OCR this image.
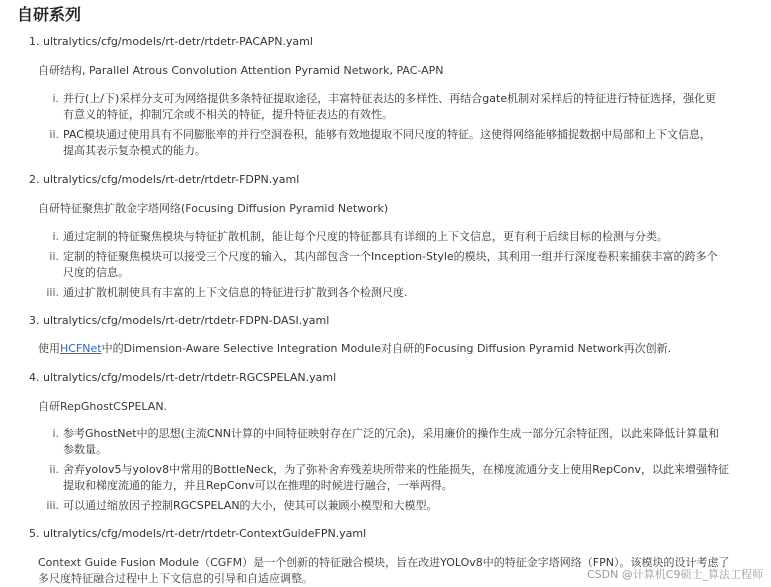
自研系列
1. ultralytics/cfg/models/rt-detr/rtdetr-PACAPN.yaml
自研结构, Parallel Atrous Convolution Attention Pyramid Network, PAC-APN
i. 并行(上/下)采样分支可为网络提供多条特征提取途径，丰富特征表达的多样性、再结合gate机制对采样后的特征进行特征选择，强化更
有意义的特征，抑制冗余或不相关的特征，提升特征表达的有效性。
ii. PAC模块通过使用具有不同膨胀率的并行空洞卷积，能够有效地提取不同尺度的特征。这使得网络能够捕捉数据中局部和上下文信息，
提高其表示复杂模式的能力。
2. ultralytics/cfg/models/rt-detr/rtdetr-FDPN.yaml
自研特征聚焦扩散金字塔网络(Focusing Diffusion Pyramid Network)
i. 通过定制的特征聚焦模块与特征扩散机制，能让每个尺度的特征都具有详细的上下文信息，更有利于后续目标的检测与分类。
ii. 定制的特征聚焦模块可以接受三个尺度的输入，其内部包含一个Inception-Style的模块，其利用一组并行深度卷积来捕获丰富的跨多个
尺度的信息。
iii. 通过扩散机制使具有丰富的上下文信息的特征进行扩散到各个检测尺度.
3. ultralytics/cfg/models/rt-detr/rtdetr-FDPN-DASI.yaml
使用HCFNet中的Dimension-Aware Selective Integration Module对自研的Focusing Diffusion Pyramid Network再次创新.
4. ultralytics/cfg/models/rt-detr/rtdetr-RGCSPELAN.yaml
自研RepGhostCSPELAN.
i. 参考GhostNet中的思想(主流CNN计算的中间特征映射存在广泛的冗余)，采用廉价的操作生成一部分冗余特征图，以此来降低计算量和
参数量。
ii. 舍弃yolov5与yolov8中常用的BottleNeck，为了弥补舍弃残差块所带来的性能损失，在梯度流通分支上使用RepConv，以此来增强特征
提取和梯度流通的能力，并且RepConv可以在推理的时候进行融合，一举两得。
iii. 可以通过缩放因子控制RGCSPELAN的大小，使其可以兼顾小模型和大模型。
5. ultralytics/cfg/models/rt-detr/rtdetr-ContextGuideFPN.yaml
Context Guide Fusion Module（CGFM）是一个创新的特征融合模块，旨在改进YOLOv8中的特征金字塔网络（FPN）。该模块的设计考虑了
多尺度特征融合过程中上下文信息的引导和自适应调整。	CSDN @计算机C9硕士_算法工程师
